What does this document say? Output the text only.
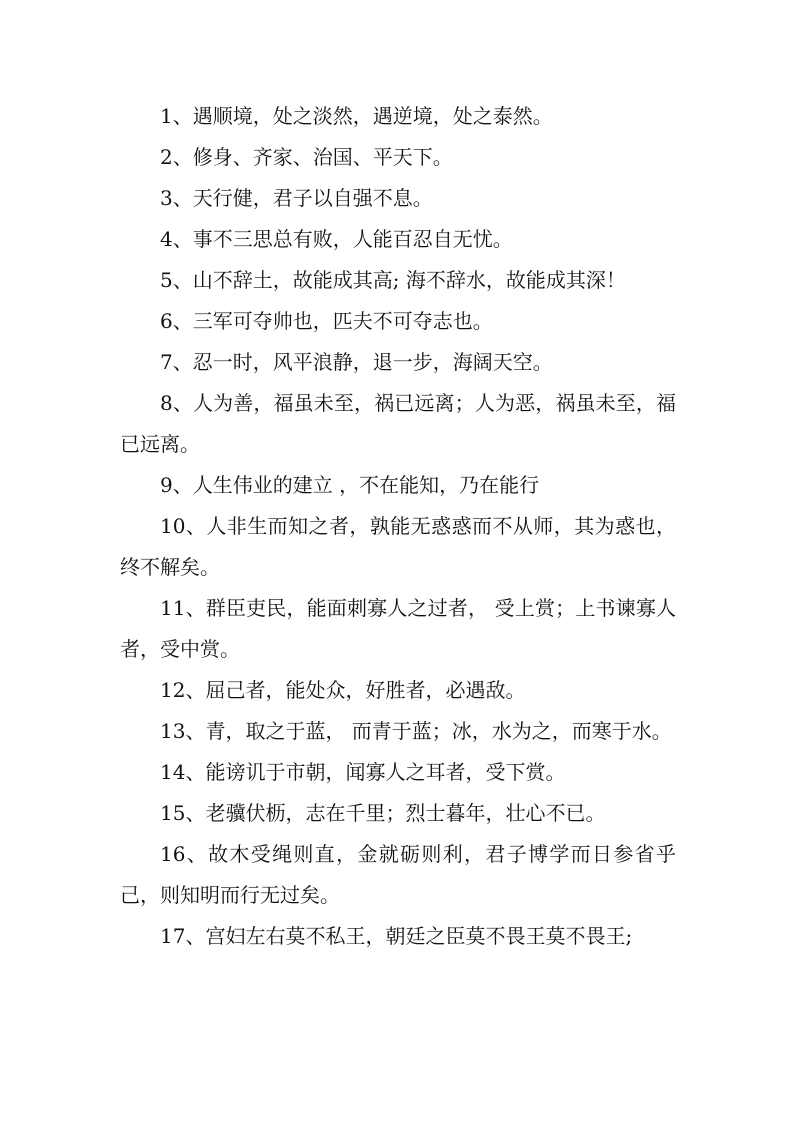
1、遇顺境，处之淡然，遇逆境，处之泰然。

2、修身、齐家、治国、平天下。

3、天行健，君子以自强不息。

4、事不三思总有败，人能百忍自无忧。

5、山不辞土，故能成其高; 海不辞水，故能成其深！

6、三军可夺帅也，匹夫不可夺志也。

7、忍一时，风平浪静，退一步，海阔天空。

8、人为善，福虽未至，祸已远离；人为恶，祸虽未至，福已远离。

9、人生伟业的建立 ，不在能知，乃在能行

10、人非生而知之者，孰能无惑惑而不从师，其为惑也，终不解矣。

11、群臣吏民，能面刺寡人之过者， 受上赏；上书谏寡人者，受中赏。

12、屈己者，能处众，好胜者，必遇敌。

13、青，取之于蓝， 而青于蓝；冰，水为之，而寒于水。

14、能谤讥于市朝，闻寡人之耳者，受下赏。

15、老骥伏枥，志在千里；烈士暮年，壮心不已。

16、故木受绳则直，金就砺则利，君子博学而日参省乎己，则知明而行无过矣。

17、宫妇左右莫不私王，朝廷之臣莫不畏王莫不畏王;
